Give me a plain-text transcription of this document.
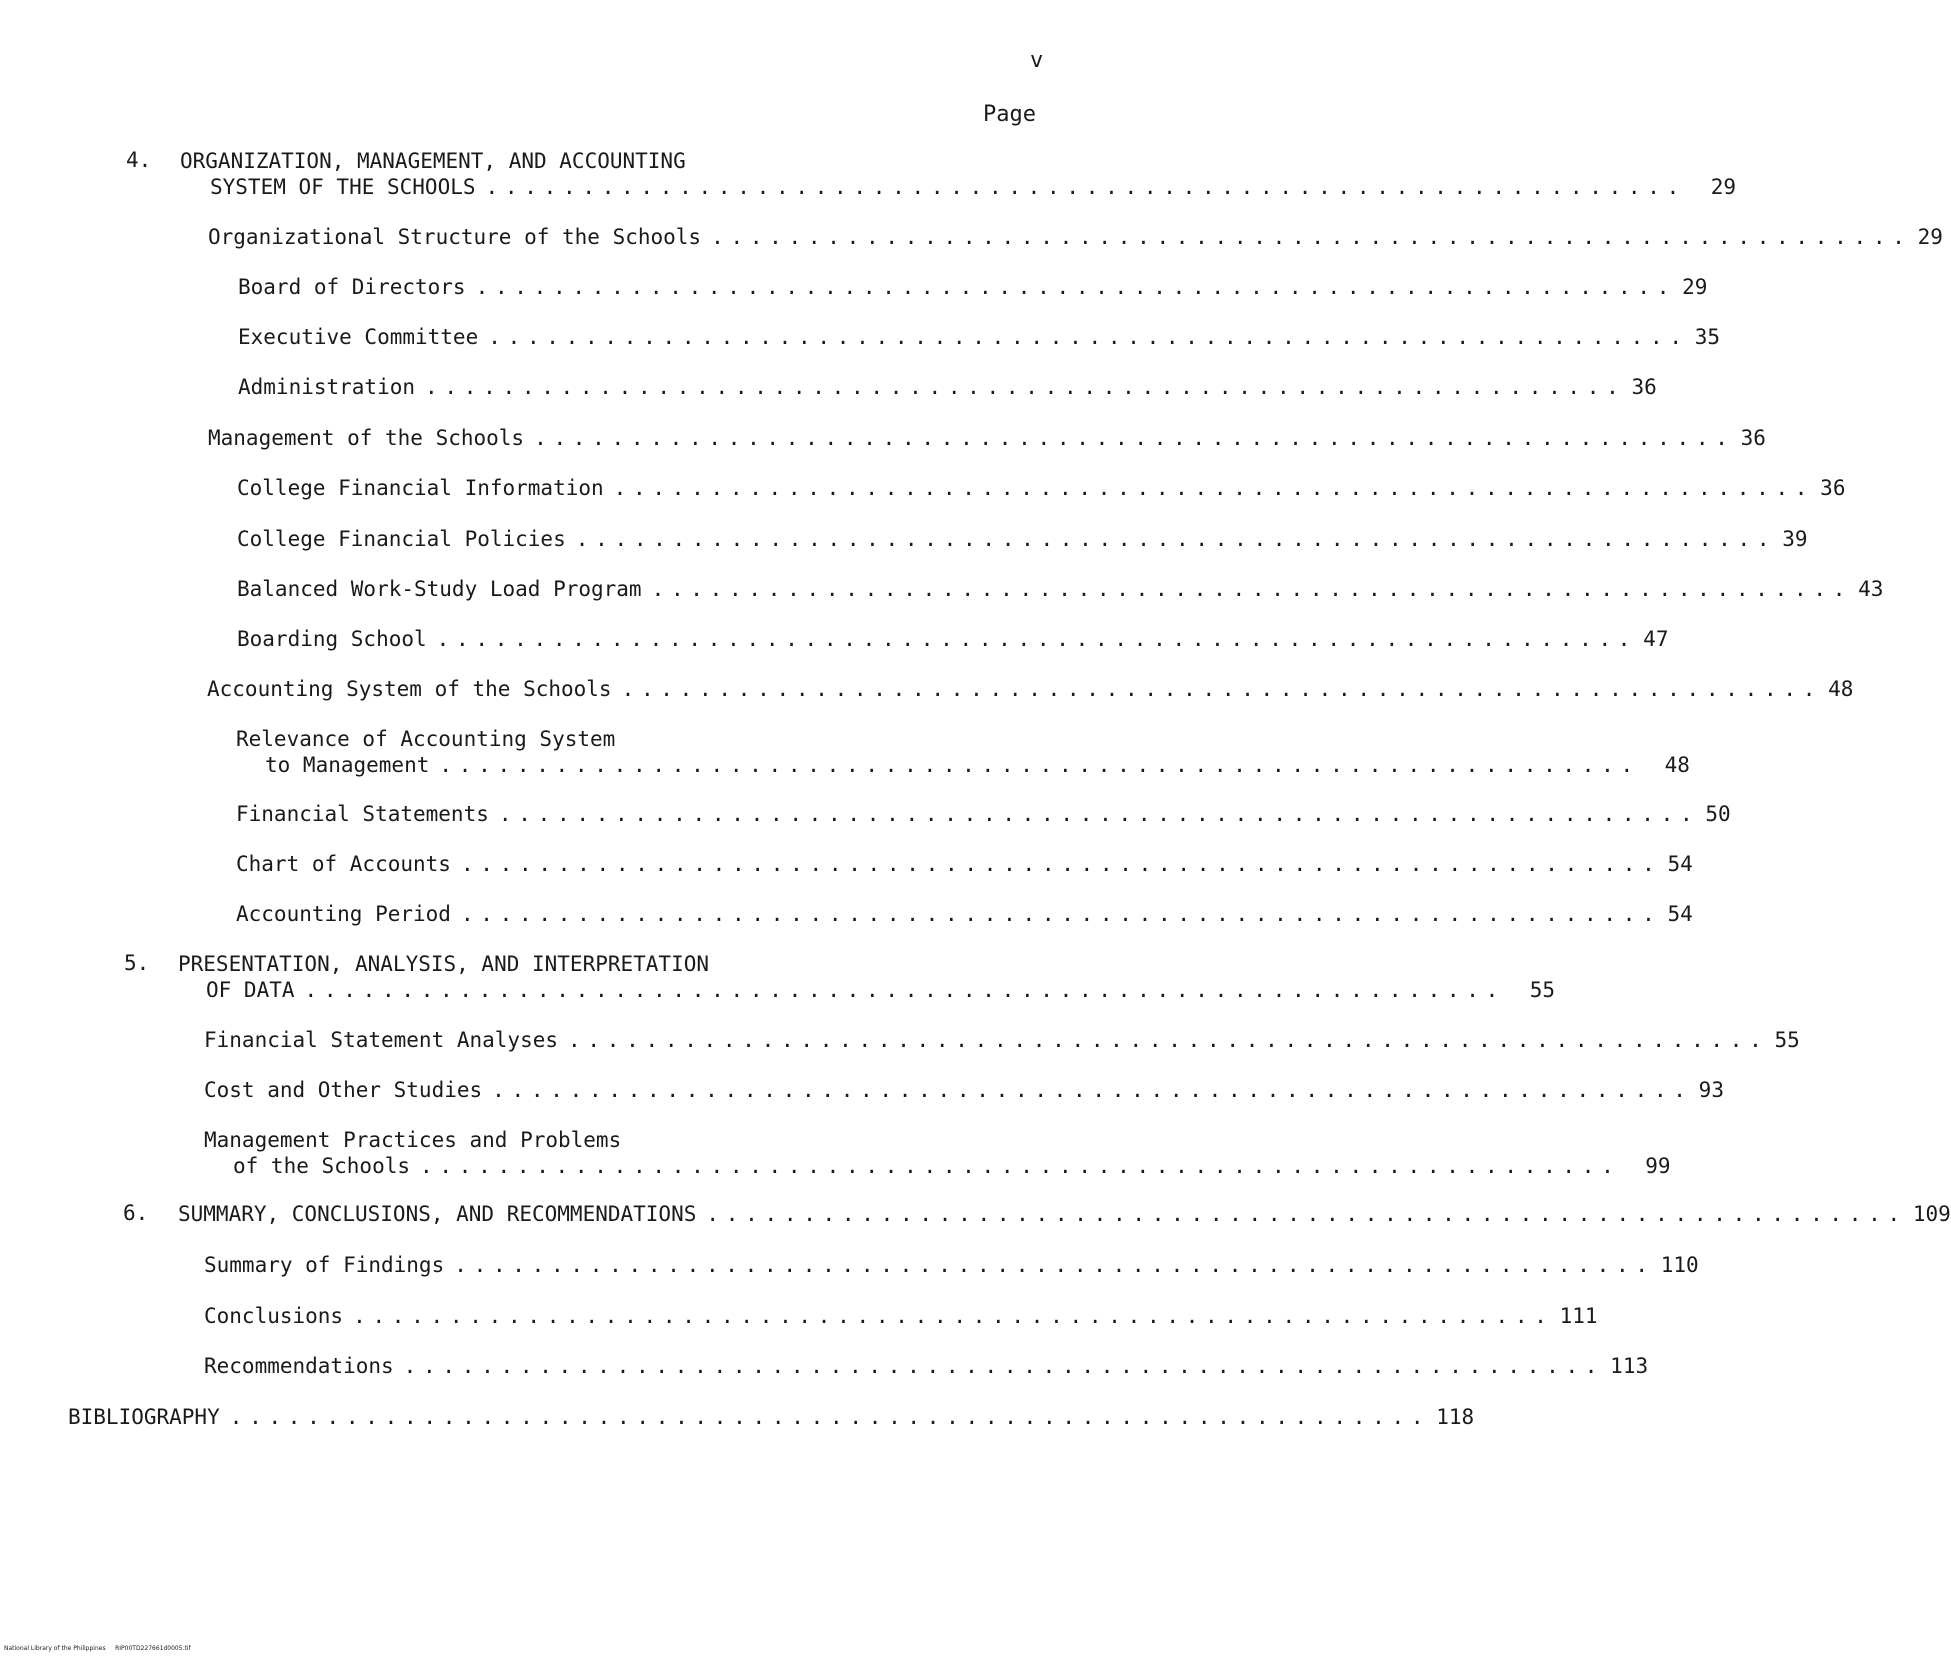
v
Page
4. ORGANIZATION, MANAGEMENT, AND ACCOUNTING
SYSTEM OF THE SCHOOLS ..............................................................	29
Organizational Structure of the Schools .............................................................. 29
Board of Directors .............................................................. 29
Executive Committee .............................................................. 35
Administration .............................................................. 36
Management of the Schools .............................................................. 36
College Financial Information .............................................................. 36
College Financial Policies .............................................................. 39
Balanced Work-Study Load Program .............................................................. 43
Boarding School .............................................................. 47
Accounting System of the Schools .............................................................. 48
Relevance of Accounting System
to Management ..............................................................	48
Financial Statements .............................................................. 50
Chart of Accounts .............................................................. 54
Accounting Period .............................................................. 54
5. PRESENTATION, ANALYSIS, AND INTERPRETATION
OF DATA ..............................................................	55
Financial Statement Analyses .............................................................. 55
Cost and Other Studies .............................................................. 93
Management Practices and Problems
of the Schools ..............................................................	99
6. SUMMARY, CONCLUSIONS, AND RECOMMENDATIONS .............................................................. 109
Summary of Findings .............................................................. 110
Conclusions .............................................................. 111
Recommendations .............................................................. 113
BIBLIOGRAPHY .............................................................. 118
National Library of the Philippines     RIP00TD227661d0005.tif
